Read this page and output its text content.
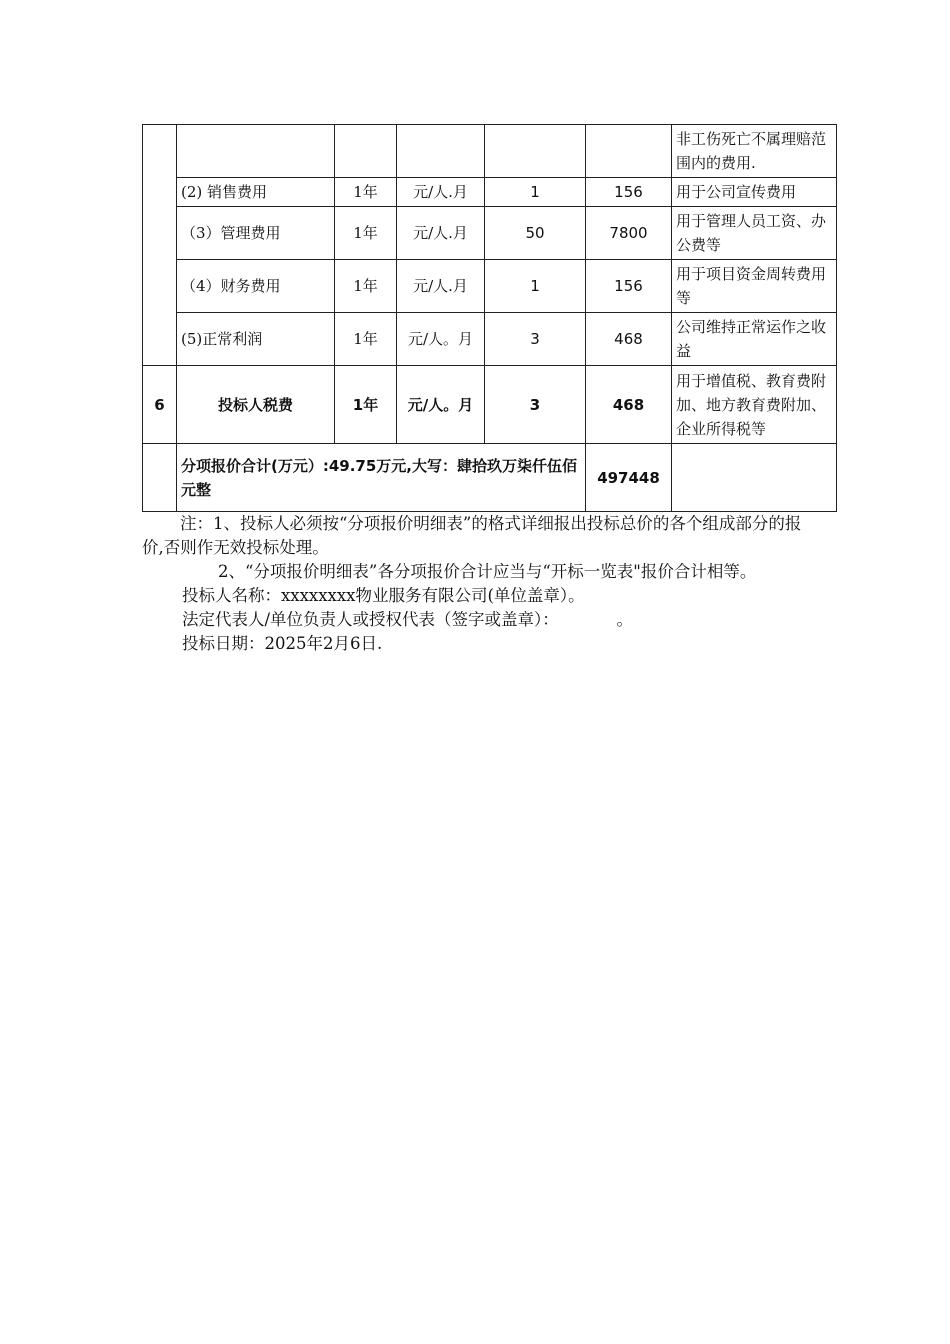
						非工伤死亡不属理赔范围内的费用.
	(2) 销售费用	1年	元/人.月	1	156	用于公司宣传费用
	（3）管理费用	1年	元/人.月	50	7800	用于管理人员工资、办公费等
	（4）财务费用	1年	元/人.月	1	156	用于项目资金周转费用等
	(5)正常利润	1年	元/人。月	3	468	公司维持正常运作之收益
6	投标人税费	1年	元/人。月	3	468	用于增值税、教育费附加、地方教育费附加、企业所得税等
	分项报价合计(万元）:49.75万元,大写：肆拾玖万柒仟伍佰元整				497448	

注：1、投标人必须按“分项报价明细表”的格式详细报出投标总价的各个组成部分的报价,否则作无效投标处理。

2、“分项报价明细表”各分项报价合计应当与“开标一览表"报价合计相等。

投标人名称：xxxxxxxx物业服务有限公司(单位盖章）。

法定代表人/单位负责人或授权代表（签字或盖章）：　　　　。

投标日期：2025年2月6日.
